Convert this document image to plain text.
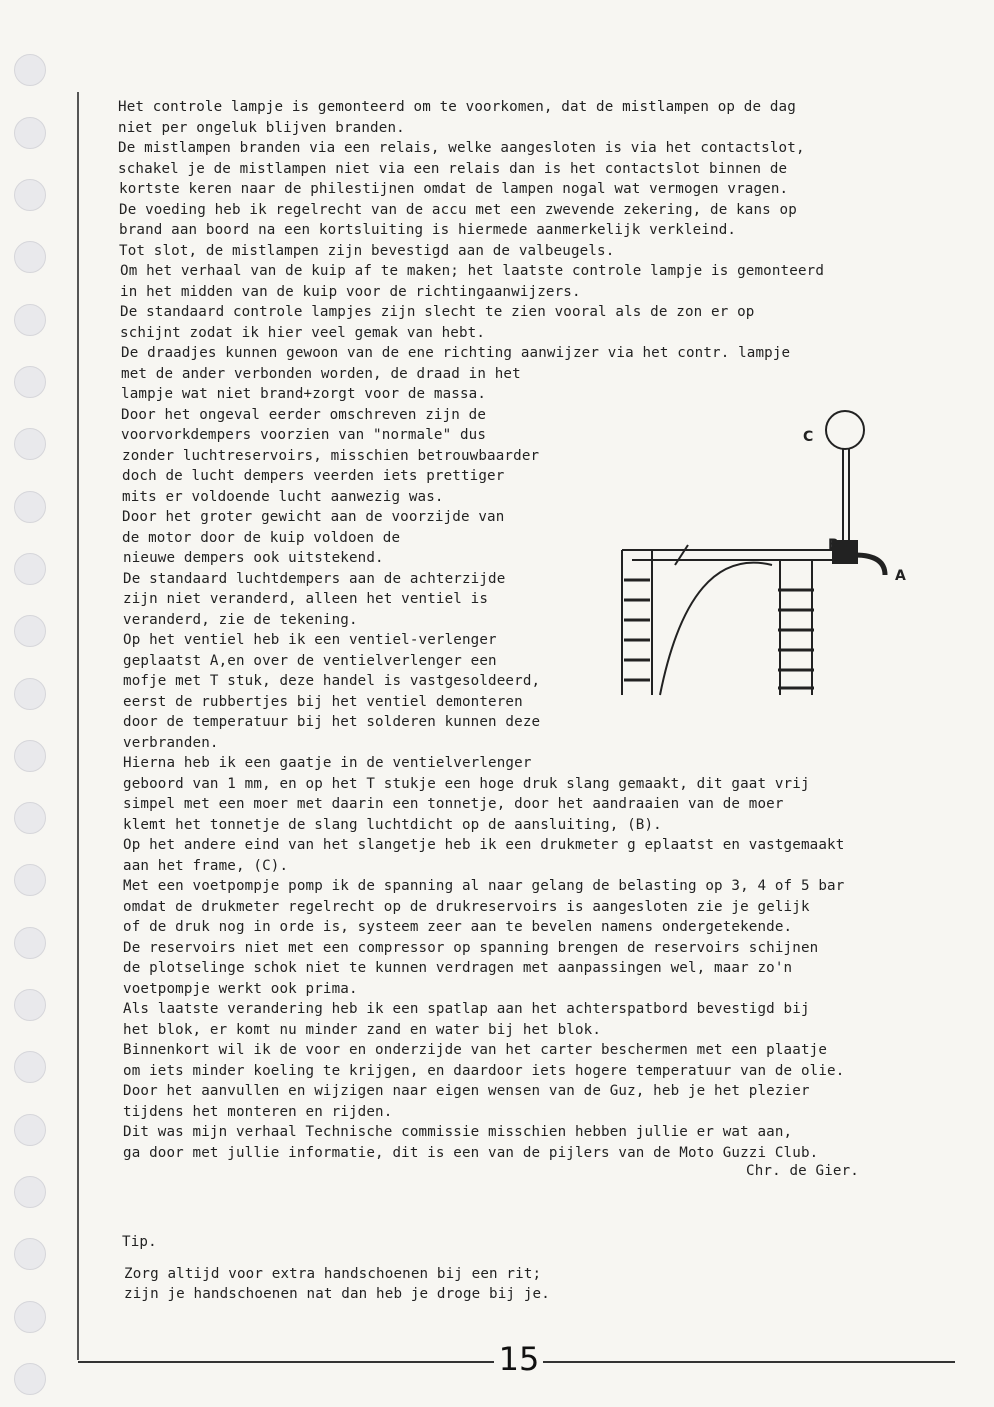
Het controle lampje is gemonteerd om te voorkomen, dat de mistlampen op de dag

niet per ongeluk blijven branden.

De mistlampen branden via een relais, welke aangesloten is via het contactslot,

schakel je de mistlampen niet via een relais dan is het contactslot binnen de

kortste keren naar de philestijnen omdat de lampen nogal wat vermogen vragen.

De voeding heb ik regelrecht van de accu met een zwevende zekering, de kans op

brand aan boord na een kortsluiting is hiermede aanmerkelijk verkleind.

Tot slot, de mistlampen zijn bevestigd aan de valbeugels.

Om het verhaal van de kuip af te maken; het laatste controle lampje is gemonteerd

in het midden van de kuip voor de richtingaanwijzers.

De standaard controle lampjes zijn slecht te zien vooral als de zon er op

schijnt zodat ik hier veel gemak van hebt.

De draadjes kunnen gewoon van de ene richting aanwijzer via het contr. lampje

met de ander verbonden worden, de draad in het

lampje wat niet brand+zorgt voor de massa.

Door het ongeval eerder omschreven zijn de

voorvorkdempers voorzien van "normale" dus

zonder luchtreservoirs, misschien betrouwbaarder

doch de lucht dempers veerden iets prettiger

mits er voldoende lucht aanwezig was.

Door het groter gewicht aan de voorzijde van

de motor door de kuip voldoen de

nieuwe dempers ook uitstekend.

De standaard luchtdempers aan de achterzijde

zijn niet veranderd, alleen het ventiel is

veranderd, zie de tekening.

Op het ventiel heb ik een ventiel-verlenger

geplaatst A,en over de ventielverlenger een

mofje met T stuk, deze handel is vastgesoldeerd,

eerst de rubbertjes bij het ventiel demonteren

door de temperatuur bij het solderen kunnen deze

verbranden.

Hierna heb ik een gaatje in de ventielverlenger

geboord van 1 mm, en op het T stukje een hoge druk slang gemaakt, dit gaat vrij

simpel met een moer met daarin een tonnetje, door het aandraaien van de moer

klemt het tonnetje de slang luchtdicht op de aansluiting, (B).

Op het andere eind van het slangetje heb ik een drukmeter g eplaatst en vastgemaakt

aan het frame, (C).

Met een voetpompje pomp ik de spanning al naar gelang de belasting op 3, 4 of 5 bar

omdat de drukmeter regelrecht op de drukreservoirs is aangesloten zie je gelijk

of de druk nog in orde is, systeem zeer aan te bevelen namens ondergetekende.

De reservoirs niet met een compressor op spanning brengen de reservoirs schijnen

de plotselinge schok niet te kunnen verdragen met aanpassingen wel, maar zo'n

voetpompje werkt ook prima.

Als laatste verandering heb ik een spatlap aan het achterspatbord bevestigd bij

het blok, er komt nu minder zand en water bij het blok.

Binnenkort wil ik de voor en onderzijde van het carter beschermen met een plaatje

om iets minder koeling te krijgen, en daardoor iets hogere temperatuur van de olie.

Door het aanvullen en wijzigen naar eigen wensen van de Guz, heb je het plezier

tijdens het monteren en rijden.

Dit was mijn verhaal Technische commissie misschien hebben jullie er wat aan,

ga door met jullie informatie, dit is een van de pijlers van de Moto Guzzi Club.

Chr. de Gier.

C
B
A

Tip.

Zorg altijd voor extra handschoenen bij een rit;

zijn je handschoenen nat dan heb je droge bij je.

15
